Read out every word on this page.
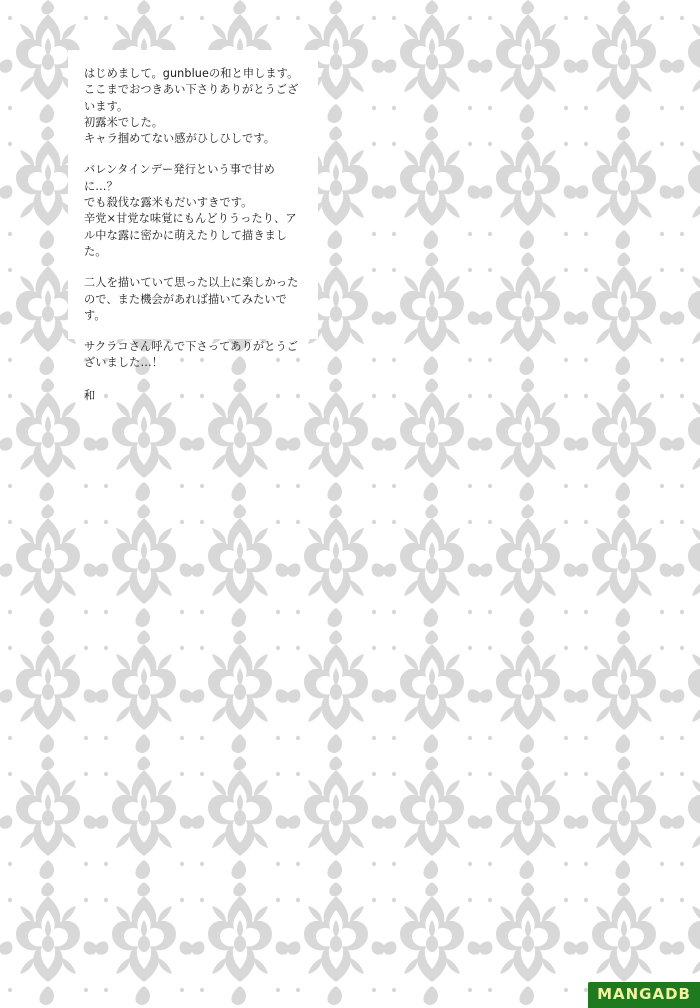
はじめまして。gunblueの和と申します。

ここまでおつきあい下さりありがとうございます。

初露米でした。

キャラ掴めてない感がひしひしです。

バレンタインデー発行という事で甘めに…？

でも殺伐な露米もだいすきです。

辛党×甘党な味覚にもんどりうったり、アル中な露に密かに萌えたりして描きました。

二人を描いていて思った以上に楽しかったので、また機会があれば描いてみたいです。

サクラコさん呼んで下さってありがとうございました…！

和

MANGADB
